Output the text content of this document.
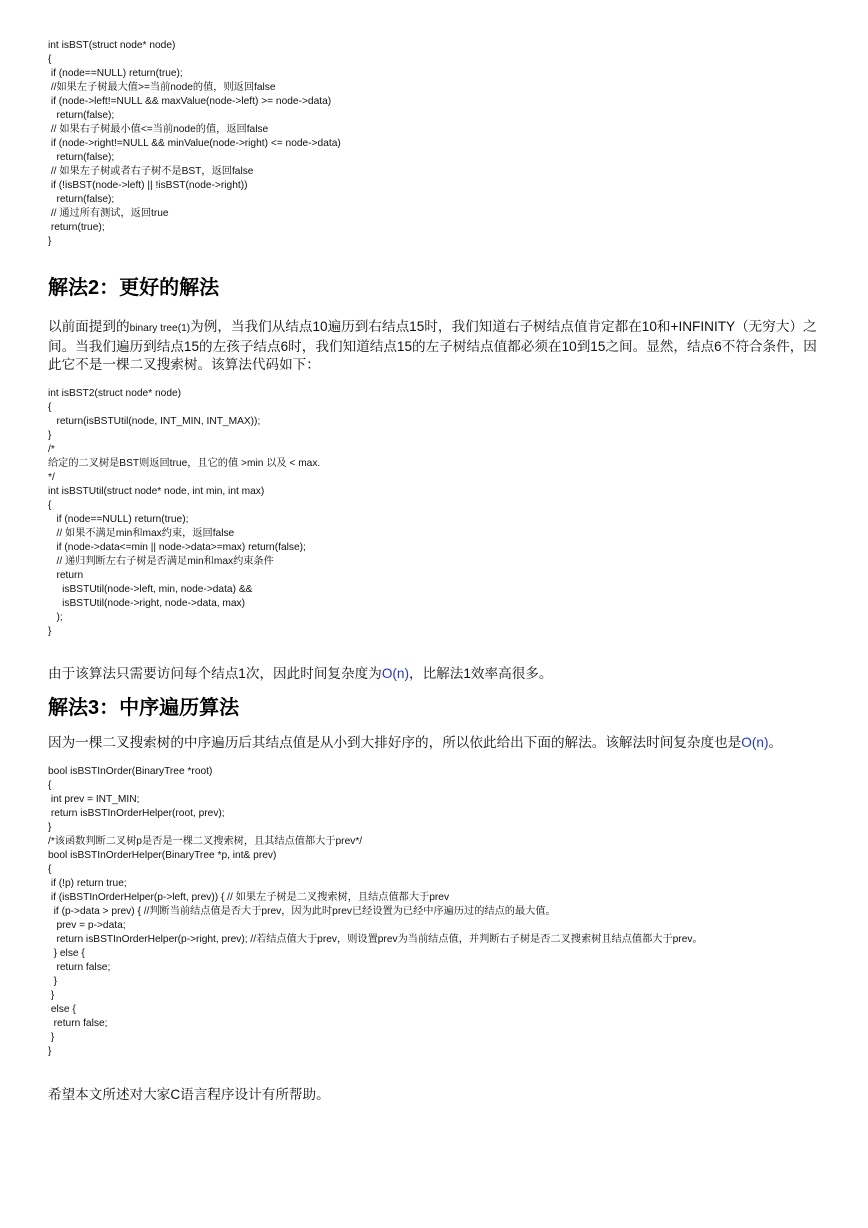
int isBST(struct node* node)
{
if (node==NULL) return(true);
//如果左子树最大值>=当前node的值，则返回false
if (node->left!=NULL && maxValue(node->left) >= node->data)
return(false);
// 如果右子树最小值<=当前node的值，返回false
if (node->right!=NULL && minValue(node->right) <= node->data)
return(false);
// 如果左子树或者右子树不是BST，返回false
if (!isBST(node->left) || !isBST(node->right))
return(false);
// 通过所有测试，返回true
return(true);
}
解法2：更好的解法
以前面提到的binary tree(1)为例，当我们从结点10遍历到右结点15时，我们知道右子树结点值肯定都在10和+INFINITY（无穷大）之间。当我们遍历到结点15的左孩子结点6时，我们知道结点15的左子树结点值都必须在10到15之间。显然，结点6不符合条件，因此它不是一棵二叉搜索树。该算法代码如下：
int isBST2(struct node* node)
{
return(isBSTUtil(node, INT_MIN, INT_MAX));
}
/*
给定的二叉树是BST则返回true，且它的值 >min 以及 < max.
*/
int isBSTUtil(struct node* node, int min, int max)
{
if (node==NULL) return(true);
// 如果不满足min和max约束，返回false
if (node->data<=min || node->data>=max) return(false);
// 递归判断左右子树是否满足min和max约束条件
return
isBSTUtil(node->left, min, node->data) &&
isBSTUtil(node->right, node->data, max)
);
}
由于该算法只需要访问每个结点1次，因此时间复杂度为O(n)，比解法1效率高很多。
解法3：中序遍历算法
因为一棵二叉搜索树的中序遍历后其结点值是从小到大排好序的，所以依此给出下面的解法。该解法时间复杂度也是O(n)。
bool isBSTInOrder(BinaryTree *root)
{
int prev = INT_MIN;
return isBSTInOrderHelper(root, prev);
}
/*该函数判断二叉树p是否是一棵二叉搜索树，且其结点值都大于prev*/
bool isBSTInOrderHelper(BinaryTree *p, int& prev)
{
if (!p) return true;
if (isBSTInOrderHelper(p->left, prev)) { // 如果左子树是二叉搜索树，且结点值都大于prev
if (p->data > prev) { //判断当前结点值是否大于prev，因为此时prev已经设置为已经中序遍历过的结点的最大值。
prev = p->data;
return isBSTInOrderHelper(p->right, prev); //若结点值大于prev，则设置prev为当前结点值，并判断右子树是否二叉搜索树且结点值都大于prev。
} else {
return false;
}
}
else {
return false;
}
}
希望本文所述对大家C语言程序设计有所帮助。
